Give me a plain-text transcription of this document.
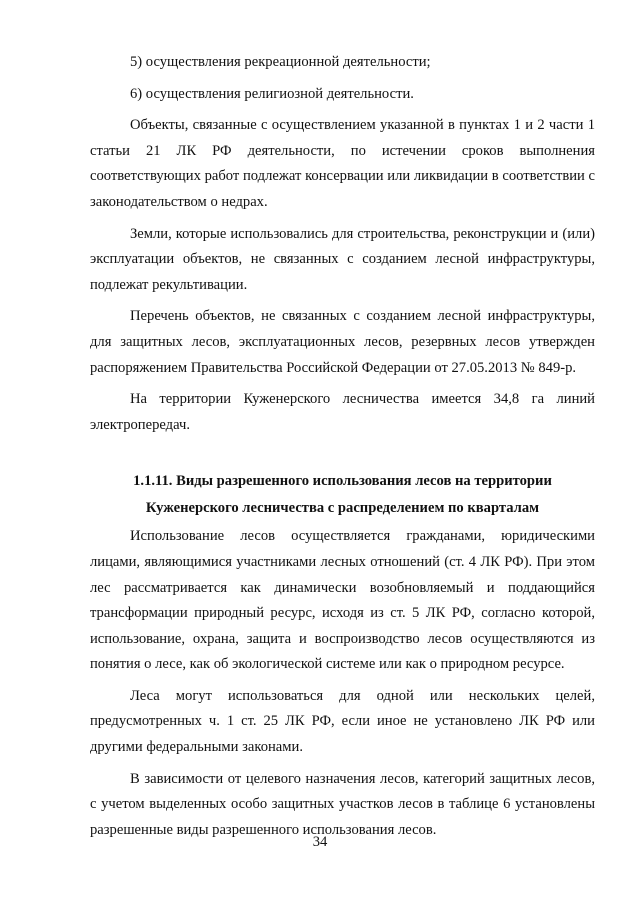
5) осуществления рекреационной деятельности;

6) осуществления религиозной деятельности.

Объекты, связанные с осуществлением указанной в пунктах 1 и 2 части 1 статьи 21 ЛК РФ деятельности, по истечении сроков выполнения соответствующих работ подлежат консервации или ликвидации в соответствии с законодательством о недрах.

Земли, которые использовались для строительства, реконструкции и (или) эксплуатации объектов, не связанных с созданием лесной инфраструктуры, подлежат рекультивации.

Перечень объектов, не связанных с созданием лесной инфраструктуры, для защитных лесов, эксплуатационных лесов, резервных лесов утвержден распоряжением Правительства Российской Федерации от 27.05.2013 № 849-р.

На территории Куженерского лесничества имеется 34,8 га линий электропередач.

1.1.11. Виды разрешенного использования лесов на территории
Куженерского лесничества с распределением по кварталам

Использование лесов осуществляется гражданами, юридическими лицами, являющимися участниками лесных отношений (ст. 4 ЛК РФ). При этом лес рассматривается как динамически возобновляемый и поддающийся трансформации природный ресурс, исходя из ст. 5 ЛК РФ, согласно которой, использование, охрана, защита и воспроизводство лесов осуществляются из понятия о лесе, как об экологической системе или как о природном ресурсе.

Леса могут использоваться для одной или нескольких целей, предусмотренных ч. 1 ст. 25 ЛК РФ, если иное не установлено ЛК РФ или другими федеральными законами.

В зависимости от целевого назначения лесов, категорий защитных лесов, с учетом выделенных особо защитных участков лесов в таблице 6 установлены разрешенные виды разрешенного использования лесов.

34
